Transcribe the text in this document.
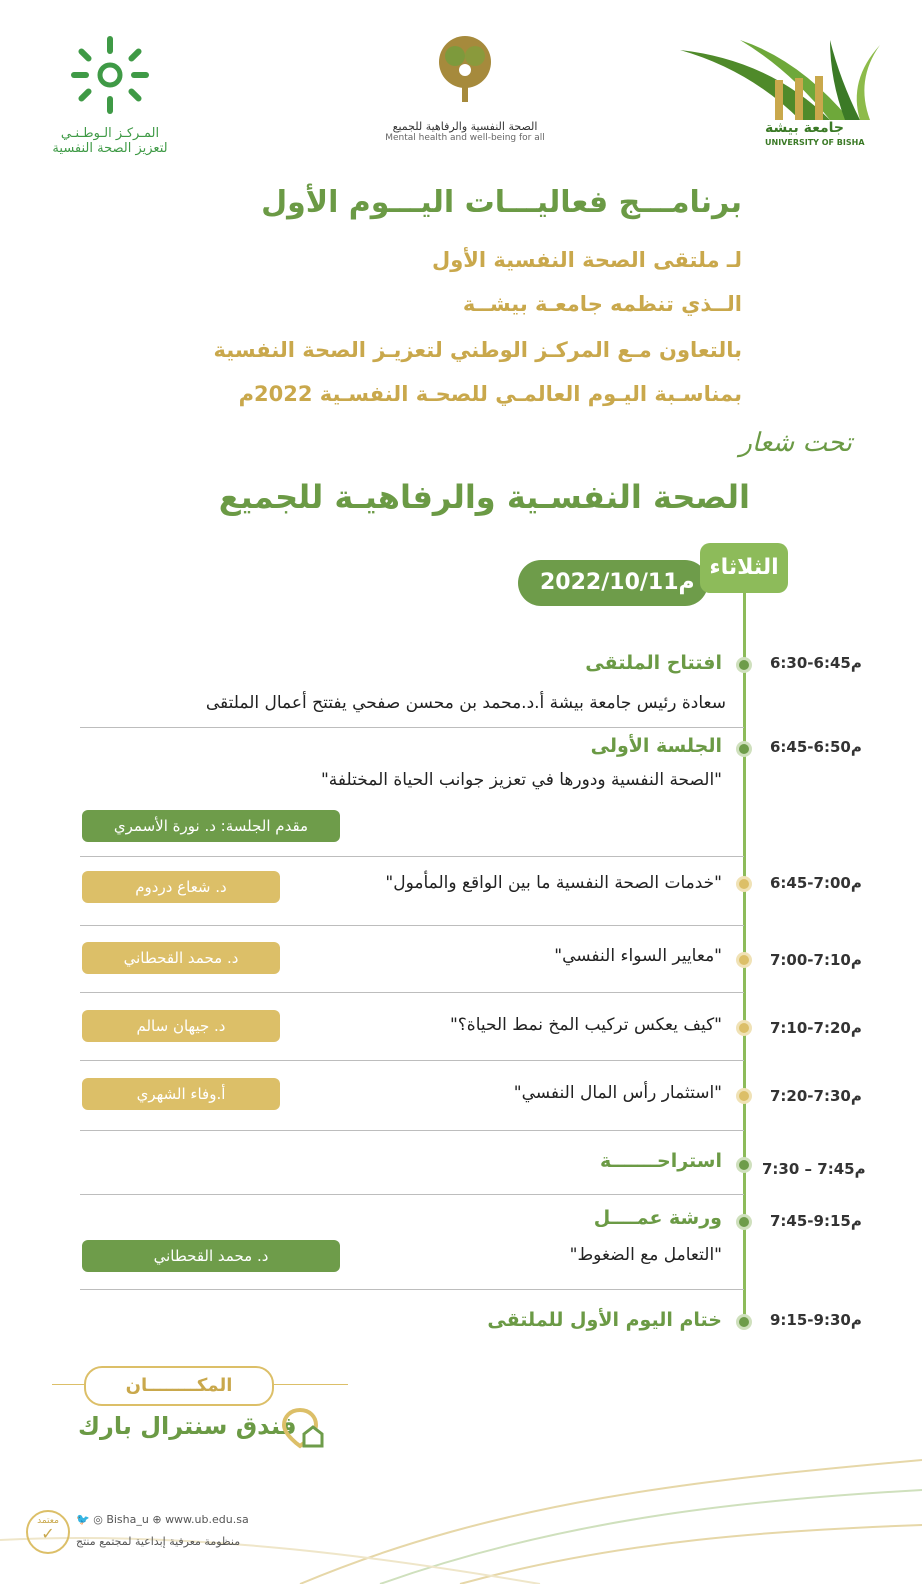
المـركـز الـوطـنـي
لتعزيز الصحة النفسية
الصحة النفسية والرفاهية للجميع
Mental health and well-being for all
جامعة بيشة
UNIVERSITY OF BISHA
برنامـــج فعاليـــات اليـــوم الأول
لـ ملتقى الصحة النفسية الأول
الــذي تنظمه جامعـة بيشــة
بالتعاون مـع المركـز الوطني لتعزيـز الصحة النفسية
بمناسـبة اليـوم العالمـي للصحـة النفسـية 2022م
تحت شعار
الصحة النفسـية والرفاهيـة للجميع
2022/10/11م
الثلاثاء
6:30-6:45م
افتتاح الملتقى
سعادة رئيس جامعة بيشة أ.د.محمد بن محسن صفحي يفتتح أعمال الملتقى
6:45-6:50م
الجلسة الأولى
"الصحة النفسية ودورها في تعزيز جوانب الحياة المختلفة"
مقدم الجلسة: د. نورة الأسمري
6:45-7:00م
"خدمات الصحة النفسية ما بين الواقع والمأمول"
د. شعاع دردوم
7:00-7:10م
"معايير السواء النفسي"
د. محمد القحطاني
7:10-7:20م
"كيف يعكس تركيب المخ نمط الحياة؟"
د. جيهان سالم
7:20-7:30م
"استثمار رأس المال النفسي"
أ.وفاء الشهري
7:30 – 7:45م
استراحـــــــة
7:45-9:15م
ورشة عمــــل
"التعامل مع الضغوط"
د. محمد القحطاني
9:15-9:30م
ختام اليوم الأول للملتقى
المكــــــــان
فندق سنترال بارك
معتمد
✓
🐦 ◎ Bisha_u ⊕ www.ub.edu.sa
منظومة معرفية إبداعية لمجتمع منتج
